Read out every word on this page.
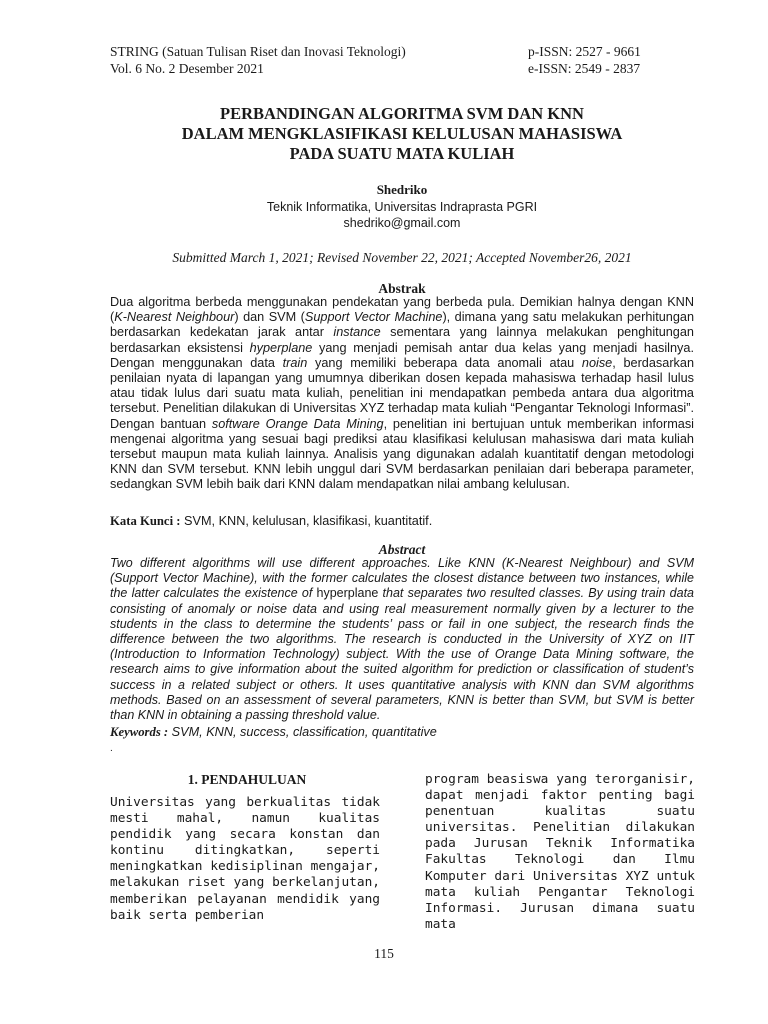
STRING (Satuan Tulisan Riset dan Inovasi Teknologi)
Vol. 6 No. 2 Desember 2021
p-ISSN: 2527 - 9661
e-ISSN: 2549 - 2837
PERBANDINGAN ALGORITMA SVM DAN KNN
DALAM MENGKLASIFIKASI KELULUSAN MAHASISWA
PADA SUATU MATA KULIAH
Shedriko
Teknik Informatika, Universitas Indraprasta PGRI
shedriko@gmail.com
Submitted March 1, 2021; Revised November 22, 2021; Accepted November26, 2021
Abstrak
Dua algoritma berbeda menggunakan pendekatan yang berbeda pula. Demikian halnya dengan KNN (K-Nearest Neighbour) dan SVM (Support Vector Machine), dimana yang satu melakukan perhitungan berdasarkan kedekatan jarak antar instance sementara yang lainnya melakukan penghitungan berdasarkan eksistensi hyperplane yang menjadi pemisah antar dua kelas yang menjadi hasilnya. Dengan menggunakan data train yang memiliki beberapa data anomali atau noise, berdasarkan penilaian nyata di lapangan yang umumnya diberikan dosen kepada mahasiswa terhadap hasil lulus atau tidak lulus dari suatu mata kuliah, penelitian ini mendapatkan pembeda antara dua algoritma tersebut. Penelitian dilakukan di Universitas XYZ terhadap mata kuliah “Pengantar Teknologi Informasi”. Dengan bantuan software Orange Data Mining, penelitian ini bertujuan untuk memberikan informasi mengenai algoritma yang sesuai bagi prediksi atau klasifikasi kelulusan mahasiswa dari mata kuliah tersebut maupun mata kuliah lainnya. Analisis yang digunakan adalah kuantitatif dengan metodologi KNN dan SVM tersebut. KNN lebih unggul dari SVM berdasarkan penilaian dari beberapa parameter, sedangkan SVM lebih baik dari KNN dalam mendapatkan nilai ambang kelulusan.
Kata Kunci : SVM, KNN, kelulusan, klasifikasi, kuantitatif.
Abstract
Two different algorithms will use different approaches. Like KNN (K-Nearest Neighbour) and SVM (Support Vector Machine), with the former calculates the closest distance between two instances, while the latter calculates the existence of hyperplane that separates two resulted classes. By using train data consisting of anomaly or noise data and using real measurement normally given by a lecturer to the students in the class to determine the students’ pass or fail in one subject, the research finds the difference between the two algorithms. The research is conducted in the University of XYZ on IIT (Introduction to Information Technology) subject. With the use of Orange Data Mining software, the research aims to give information about the suited algorithm for prediction or classification of student’s success in a related subject or others. It uses quantitative analysis with KNN dan SVM algorithms methods. Based on an assessment of several parameters, KNN is better than SVM, but SVM is better than KNN in obtaining a passing threshold value.
Keywords : SVM, KNN, success, classification, quantitative
.
1. PENDAHULUAN
Universitas yang berkualitas tidak mesti mahal, namun kualitas pendidik yang secara konstan dan kontinu ditingkatkan, seperti meningkatkan kedisiplinan mengajar, melakukan riset yang berkelanjutan, memberikan pelayanan mendidik yang baik serta pemberian
program beasiswa yang terorganisir, dapat menjadi faktor penting bagi penentuan kualitas suatu universitas. Penelitian dilakukan pada Jurusan Teknik Informatika Fakultas Teknologi dan Ilmu Komputer dari Universitas XYZ untuk mata kuliah Pengantar Teknologi Informasi. Jurusan dimana suatu mata
115
